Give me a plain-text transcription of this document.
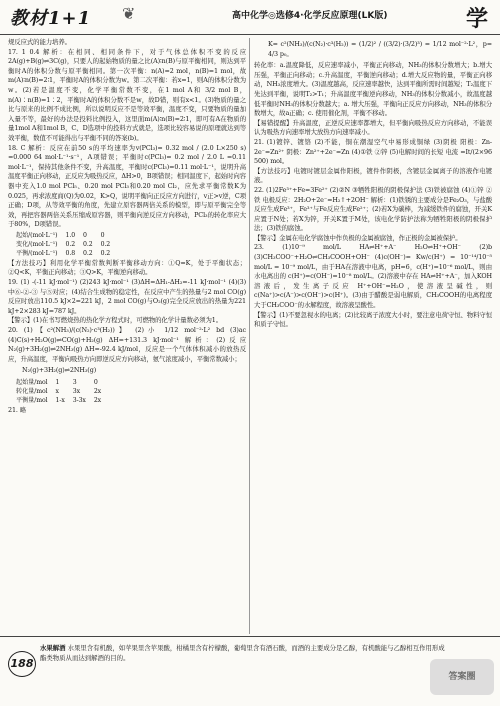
教材1+1 ❦	高中化学◎选修4·化学反应原理(LK版)	学

规反应式的能力培养。

17. 1 0.4 解析：在相同、相同条件下，对于气体总体积不变的反应2A(g)+B(g)⇌3C(g)，只要人的起始物质的量之比(A)∶n(B)与原平衡相同，则达到平衡时A的体积分数与原平衡相同。第一次平衡：n(A)=2 mol，n(B)=1 mol，故m(A)∶n(B)=2∶1，平衡时A的体积分数为w。第二次平衡：若x=1，则A的体积分数为w。(2)若是温度不变，化学平衡常数不变，在1 mol A和 3/2 mol B，n(A)∶n(B)=1∶2，平衡时A的体积分数不是w，故D错，则有x<1。(3)物质的量之比与原来的比例不成比例，所以说明反应不是等效平衡，温度不变，只要物质的量加入量不等，最好的办法是投料比例投入，这里面m(A)∶n(B)=2∶1，即可有A在物质的量1mol A和1mol B，C、D选项中的投料方式就是，选项比较容易说的原理就达到等效平衡，数值不可能得出与平衡不同的答案(b)。

18. C 解析：反应在前50 s的平均速率为v(PCl₃)= 0.32 mol / (2.0 L×250 s) =0.000 64 mol·L⁻¹·s⁻¹，A项错误；平衡时c(PCl₃)= 0.2 mol / 2.0 L =0.11 mol·L⁻¹，保持其他条件不变，升高温度，平衡时c(PCl₃)=0.11 mol·L⁻¹，说明升高温度平衡正向移动，正反应为吸热反应，ΔH>0，B项错误；相同温度下，起始时向容器中充入1.0 mol PCl₅、0.20 mol PCl₃和0.20 mol Cl₂，应先求平衡常数K为0.025，再求浓度商(Q)为0.02，K>Q，说明平衡向正反应方向进行，v正>v逆，C项正确；D项，从等效平衡的角度，先建立原容器两倍关系的模型，即与原平衡完全等效，再把容器两倍关系压缩成原容器，则平衡向逆反应方向移动，PCl₃的转化率应大于80%，D项错误。

起始/(mol·L⁻¹)	1.0	0	0
变化/(mol·L⁻¹)	0.2	0.2	0.2
平衡/(mol·L⁻¹)	0.8	0.2	0.2

【方法技巧】利用化学平衡常数判断平衡移动方向：①Q=K，处于平衡状态；②Q<K，平衡正向移动；③Q>K，平衡逆向移动。

19. (1) -(-11 kJ·mol⁻¹) (2)243 kJ·mol⁻¹ (3)ΔH=ΔH₁-ΔH₂=-11 kJ·mol⁻¹ (4)(3)中⑥-②-③ 与⑤对应；(4)结合生成物的稳定性，在反应中产生的热量与2 mol CO(g)反应时放出110.5 kJ×2=221 kJ，2 mol CO(g)与O₂(g)完全反应放出的热量为221 kJ+2×283 kJ=787 kJ。

【警示】(1)在书写燃烧热的热化学方程式时，可燃物的化学计量数必须为1。

20. (1)【c²(NH₃)/(c(N₂)·c³(H₂))】 (2)小 1/12 mol⁻²·L² bd (3)ac (4)C(s)+H₂O(g)⇌CO(g)+H₂(g) ΔH=+131.3 kJ·mol⁻¹ 解析：(2)反应N₂(g)+3H₂(g)⇌2NH₃(g) ΔH=-92.4 kJ/mol，反应是一个气体体积减小的放热反应，升高温度，平衡向吸热方向即逆反应方向移动，氨气浓度减小，平衡常数减小；

N₂(g)+3H₂(g)⇌2NH₃(g)

起始量/mol	1	3	0
转化量/mol	x	3x	2x
平衡量/mol	1-x	3-3x	2x

21. 略

K= c²(NH₃)/(c(N₂)·c³(H₂)) = (1/2)² / ((3/2)·(3/2)³) = 1/12 mol⁻²·L²，p= 4/3 p₀。

转化率：a.温度降低，反应速率减小，平衡正向移动，NH₃的体积分数增大；b.增大压强，平衡正向移动；c.升高温度，平衡逆向移动；d.增大反应物的量，平衡正向移动，NH₃浓度增大。(3)温度越高，反应速率越快，达到平衡所需时间越短；T₂温度下先达到平衡，说明T₂>T₁；升高温度平衡逆向移动，NH₃的体积分数减小，故温度越低平衡时NH₃的体积分数越大；a. 增大压强，平衡向正反应方向移动，NH₃的体积分数增大，故a正确；c. 使用催化剂，平衡不移动。

【易错提醒】升高温度，正逆反应速率都增大，但平衡向吸热反应方向移动，不能误认为吸热方向速率增大放热方向速率减小。

21. (1)镀锌、镀铬 (2)不能，铜在潮湿空气中易形成铜绿 (3)阴极 阳极：Zn-2e⁻=Zn²⁺ 阴极：Zn²⁺+2e⁻=Zn (4)①铁 ②锌 (5)电解时间的长短 电流 =It/(2×96 500) mol。

【方法技巧】电镀时镀层金属作阳极，镀件作阴极，含镀层金属离子的溶液作电镀液。

22. (1)2Fe³⁺+Fe=3Fe²⁺ (2)②N ③牺牲阳极的阴极保护法 (3)铁被腐蚀 (4)①锌 ②铁 电极反应：2H₂O+2e⁻=H₂↑+2OH⁻ 解析：(1)铁锈的主要成分是Fe₂O₃，与盐酸反应生成Fe³⁺，Fe³⁺与Fe反应生成Fe²⁺；(2)若X为碳棒，为减缓铁件的腐蚀，开关K应置于N处；若X为锌，开关K置于M处，该电化学防护法称为牺牲阳极的阴极保护法；(3)铁的腐蚀。

【警示】金属在电化学腐蚀中作负极的金属被腐蚀，作正极的金属被保护。

23. (1)10⁻⁹ mol/L HA⇌H⁺+A⁻ H₂O⇌H⁺+OH⁻ (2)b (3)CH₃COO⁻+H₂O⇌CH₃COOH+OH⁻ (4)c(OH⁻)= Kw/c(H⁺) = 10⁻¹⁴/10⁻⁵ mol/L = 10⁻⁹ mol/L，由于HA在溶液中电离，pH=6，c(H⁺)=10⁻⁶ mol/L，则由水电离出的 c(H⁺)=c(OH⁻)=10⁻⁸ mol/L。(2)溶液中存在 HA⇌H⁺+A⁻，加入KOH溶液后，发生离子反应 H⁺+OH⁻=H₂O，使溶液呈碱性，则c(Na⁺)>c(A⁻)>c(OH⁻)>c(H⁺)。(3)由于醋酸是弱电解质，CH₃COOH的电离程度大于CH₃COO⁻的水解程度，故溶液呈酸性。

【警示】(1)不要忽视水的电离；(2)比较离子浓度大小时，要注意电荷守恒、物料守恒和质子守恒。

188
水果解酒 水果里含有机酸，如苹果里含苹果酸，柑橘里含有柠檬酸，葡萄里含有酒石酸，而酒的主要成分是乙醇，有机酸能与乙醇相互作用形成酯类物质从而达到解酒的目的。
答案圈
